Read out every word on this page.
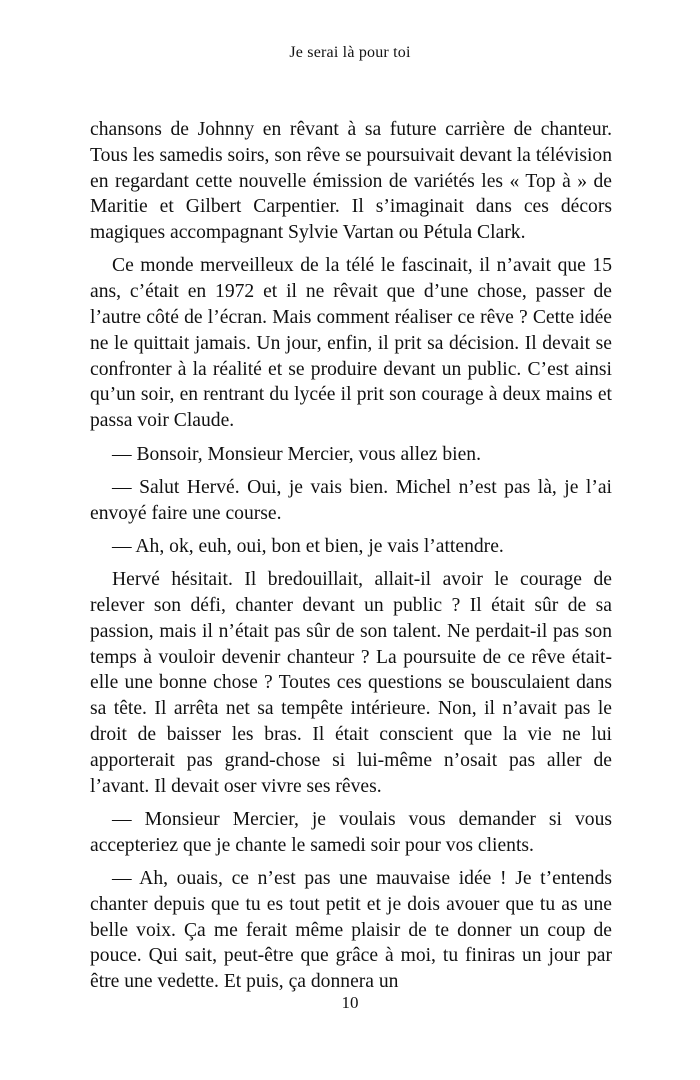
Je serai là pour toi

chansons de Johnny en rêvant à sa future carrière de chanteur. Tous les samedis soirs, son rêve se poursuivait devant la télévision en regardant cette nouvelle émission de variétés les « Top à » de Maritie et Gilbert Carpentier. Il s’imaginait dans ces décors magiques accompagnant Sylvie Vartan ou Pétula Clark.

Ce monde merveilleux de la télé le fascinait, il n’avait que 15 ans, c’était en 1972 et il ne rêvait que d’une chose, passer de l’autre côté de l’écran. Mais comment réaliser ce rêve ? Cette idée ne le quittait jamais. Un jour, enfin, il prit sa décision. Il devait se confronter à la réalité et se produire devant un public. C’est ainsi qu’un soir, en rentrant du lycée il prit son courage à deux mains et passa voir Claude.

— Bonsoir, Monsieur Mercier, vous allez bien.

— Salut Hervé. Oui, je vais bien. Michel n’est pas là, je l’ai envoyé faire une course.

— Ah, ok, euh, oui, bon et bien, je vais l’attendre.

Hervé hésitait. Il bredouillait, allait-il avoir le courage de relever son défi, chanter devant un public ? Il était sûr de sa passion, mais il n’était pas sûr de son talent. Ne perdait-il pas son temps à vouloir devenir chanteur ? La poursuite de ce rêve était-elle une bonne chose ? Toutes ces questions se bousculaient dans sa tête. Il arrêta net sa tempête intérieure. Non, il n’avait pas le droit de baisser les bras. Il était conscient que la vie ne lui apporterait pas grand-chose si lui-même n’osait pas aller de l’avant. Il devait oser vivre ses rêves.

— Monsieur Mercier, je voulais vous demander si vous accepteriez que je chante le samedi soir pour vos clients.

— Ah, ouais, ce n’est pas une mauvaise idée ! Je t’entends chanter depuis que tu es tout petit et je dois avouer que tu as une belle voix. Ça me ferait même plaisir de te donner un coup de pouce. Qui sait, peut-être que grâce à moi, tu finiras un jour par être une vedette. Et puis, ça donnera un

10
